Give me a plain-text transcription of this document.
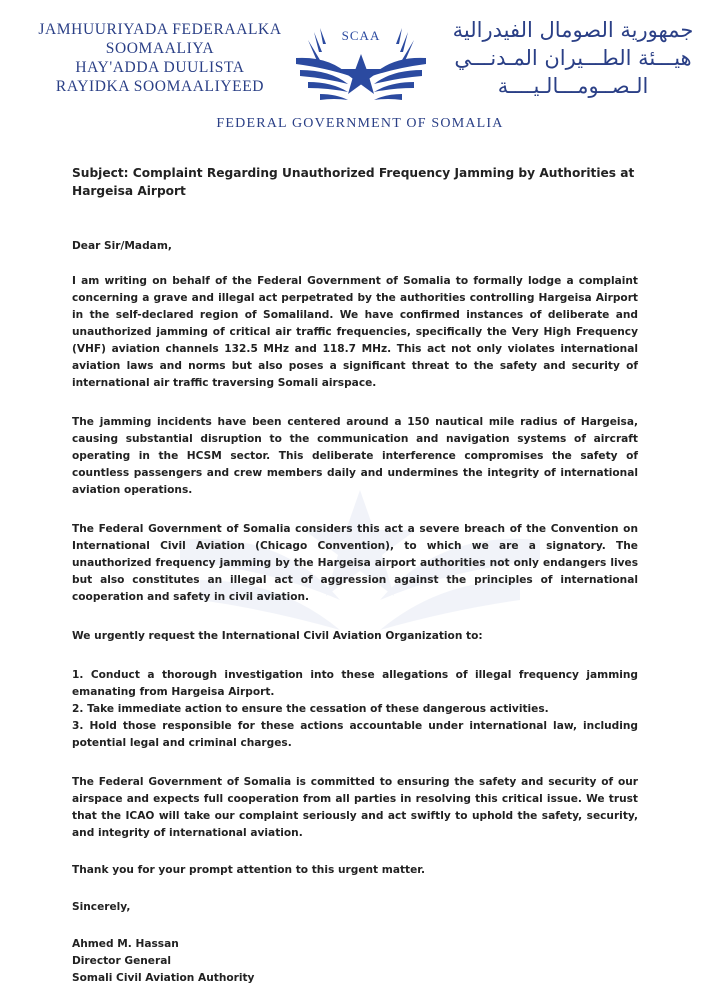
JAMHUURIYADA FEDERAALKA
SOOMAALIYA
HAY'ADDA DUULISTA
RAYIDKA SOOMAALIYEED
SCAA	جمهورية الصومال الفيدرالية
هيـــئة الطـــيران المـدنـــي
الـصــومـــالـيــــة
FEDERAL GOVERNMENT OF SOMALIA
Subject: Complaint Regarding Unauthorized Frequency Jamming by Authorities at Hargeisa Airport

Dear Sir/Madam,

I am writing on behalf of the Federal Government of Somalia to formally lodge a complaint concerning a grave and illegal act perpetrated by the authorities controlling Hargeisa Airport in the self-declared region of Somaliland. We have confirmed instances of deliberate and unauthorized jamming of critical air traffic frequencies, specifically the Very High Frequency (VHF) aviation channels 132.5 MHz and 118.7 MHz. This act not only violates international aviation laws and norms but also poses a significant threat to the safety and security of international air traffic traversing Somali airspace.

The jamming incidents have been centered around a 150 nautical mile radius of Hargeisa, causing substantial disruption to the communication and navigation systems of aircraft operating in the HCSM sector. This deliberate interference compromises the safety of countless passengers and crew members daily and undermines the integrity of international aviation operations.

The Federal Government of Somalia considers this act a severe breach of the Convention on International Civil Aviation (Chicago Convention), to which we are a signatory. The unauthorized frequency jamming by the Hargeisa airport authorities not only endangers lives but also constitutes an illegal act of aggression against the principles of international cooperation and safety in civil aviation.

We urgently request the International Civil Aviation Organization to:

1. Conduct a thorough investigation into these allegations of illegal frequency jamming emanating from Hargeisa Airport.

2. Take immediate action to ensure the cessation of these dangerous activities.

3. Hold those responsible for these actions accountable under international law, including potential legal and criminal charges.

The Federal Government of Somalia is committed to ensuring the safety and security of our airspace and expects full cooperation from all parties in resolving this critical issue. We trust that the ICAO will take our complaint seriously and act swiftly to uphold the safety, security, and integrity of international aviation.

Thank you for your prompt attention to this urgent matter.

Sincerely,

Ahmed M. Hassan

Director General

Somali Civil Aviation Authority
